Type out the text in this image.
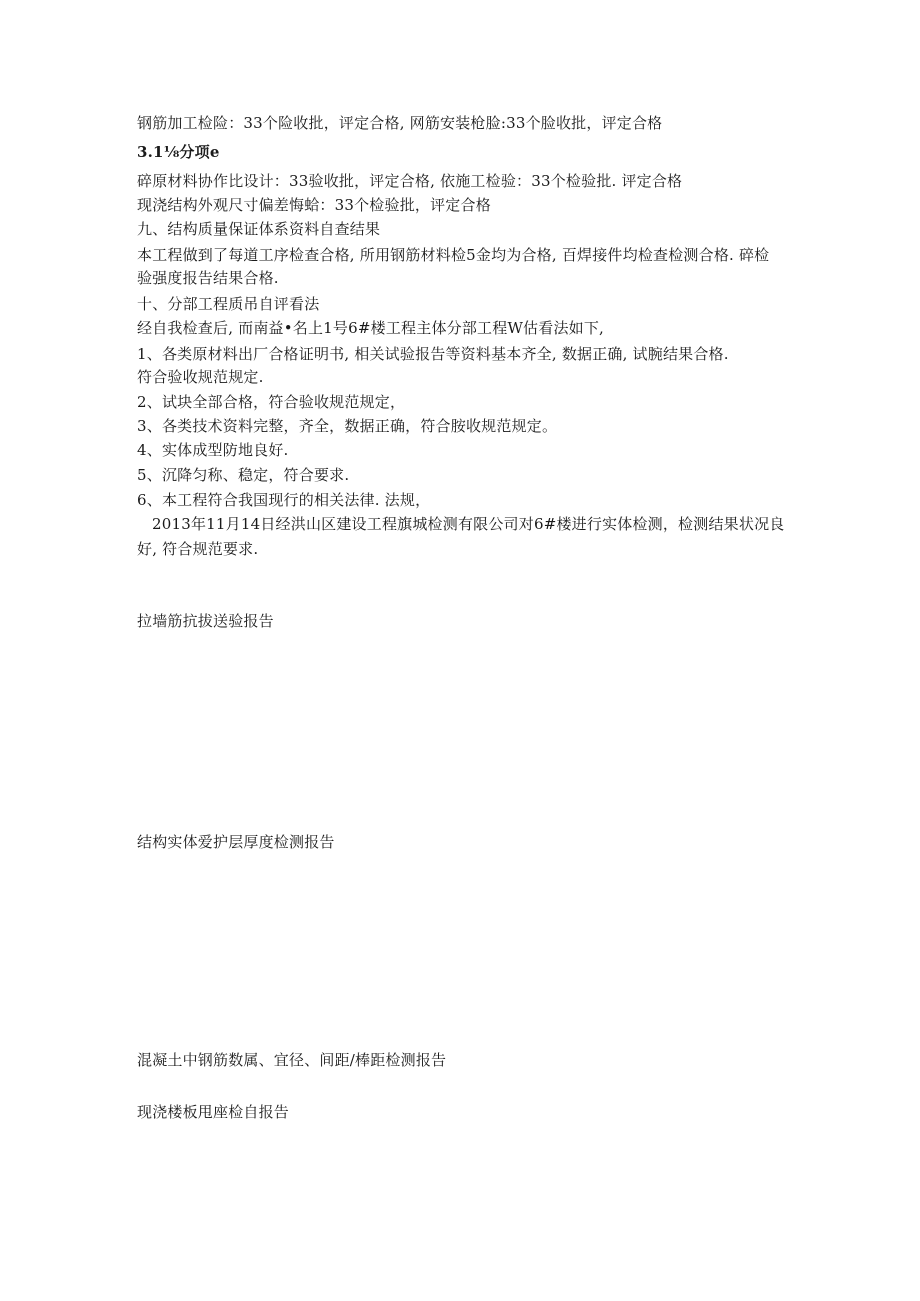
钢筋加工检险：33个险收批，评定合格, 网筋安装枪脸:33个脸收批，评定合格
3.1⅛分项e
碎原材料协作比设计：33验收批，评定合格, 依施工检验：33个检验批. 评定合格
现浇结构外观尺寸偏差悔蛤：33个检验批，评定合格
九、结构质量保证体系资料自查结果
本工程做到了每道工序检查合格, 所用钢筋材料检5金均为合格, 百焊接件均检查检测合格. 碎检
验强度报告结果合格.
十、分部工程质吊自评看法
经自我检查后, 而南益•名上1号6#楼工程主体分部工程W估看法如下,
1、各类原材料出厂合格证明书, 相关试验报告等资料基本齐全, 数据正确, 试腕结果合格.
符合验收规范规定.
2、试块全部合格，符合验收规范规定，
3、各类技术资料完整，齐全，数据正确，符合胺收规范规定。
4、实体成型防地良好.
5、沉降匀称、稳定，符合要求.
6、本工程符合我国现行的相关法律. 法规，
2013年11月14日经洪山区建设工程旗城检测有限公司对6#楼进行实体检测，检测结果状况良
好, 符合规范要求.
拉墙筋抗拔送验报告
结构实体爱护层厚度检测报告
混凝土中钢筋数属、宜径、间距/棒距检测报告
现浇楼板甩座检自报告
